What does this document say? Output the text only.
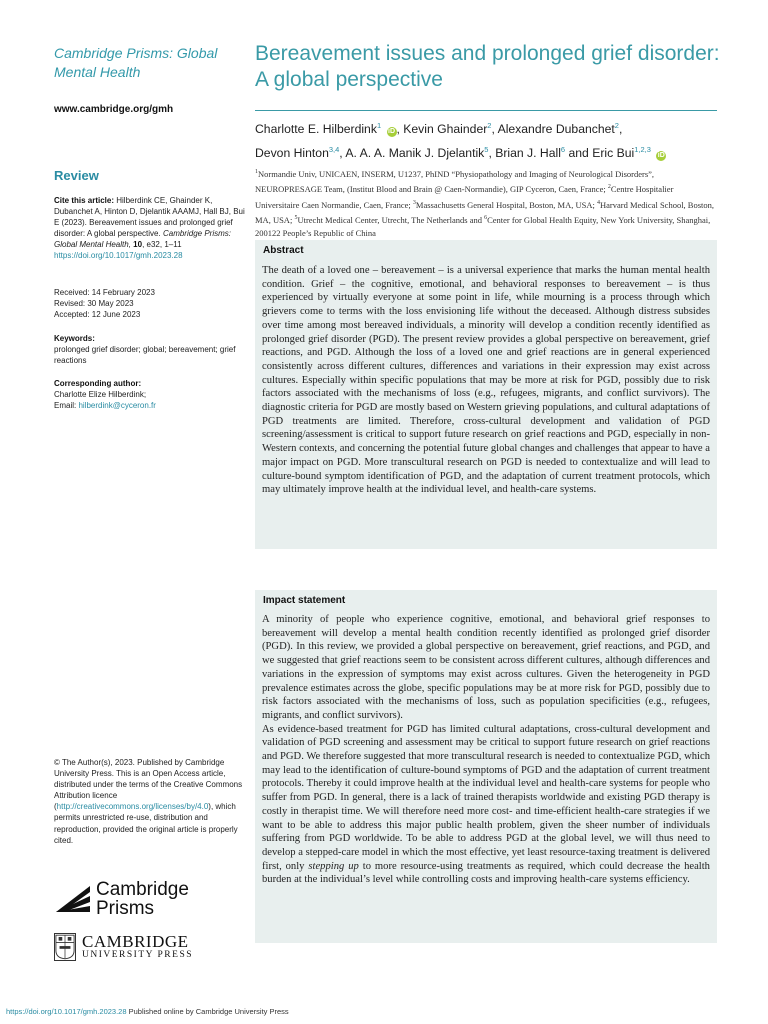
Cambridge Prisms: Global Mental Health
www.cambridge.org/gmh
Review
Cite this article: Hilberdink CE, Ghainder K, Dubanchet A, Hinton D, Djelantik AAAMJ, Hall BJ, Bui E (2023). Bereavement issues and prolonged grief disorder: A global perspective. Cambridge Prisms: Global Mental Health, 10, e32, 1–11
https://doi.org/10.1017/gmh.2023.28
Received: 14 February 2023
Revised: 30 May 2023
Accepted: 12 June 2023
Keywords:
prolonged grief disorder; global; bereavement; grief reactions
Corresponding author:
Charlotte Elize Hilberdink;
Email: hilberdink@cyceron.fr
© The Author(s), 2023. Published by Cambridge University Press. This is an Open Access article, distributed under the terms of the Creative Commons Attribution licence (http://creativecommons.org/licenses/by/4.0), which permits unrestricted re-use, distribution and reproduction, provided the original article is properly cited.
Cambridge
Prisms
CAMBRIDGE
UNIVERSITY PRESS
Bereavement issues and prolonged grief disorder: A global perspective
Charlotte E. Hilberdink$^1$ iD , Kevin Ghainder$^2$, Alexandre Dubanchet$^2$,
Devon Hinton$^{3,4}$, A. A. A. Manik J. Djelantik$^5$, Brian J. Hall$^6$ and Eric Bui$^{1,2,3}$ iD
$^1$Normandie Univ, UNICAEN, INSERM, U1237, PhIND “Physiopathology and Imaging of Neurological Disorders”, NEUROPRESAGE Team, (Institut Blood and Brain @ Caen-Normandie), GIP Cyceron, Caen, France; $^2$Centre Hospitalier Universitaire Caen Normandie, Caen, France; $^3$Massachusetts General Hospital, Boston, MA, USA; $^4$Harvard Medical School, Boston, MA, USA; $^5$Utrecht Medical Center, Utrecht, The Netherlands and $^6$Center for Global Health Equity, New York University, Shanghai, 200122 People’s Republic of China
Abstract

The death of a loved one – bereavement – is a universal experience that marks the human mental health condition. Grief – the cognitive, emotional, and behavioral responses to bereavement – is thus experienced by virtually everyone at some point in life, while mourning is a process through which grievers come to terms with the loss envisioning life without the deceased. Although distress subsides over time among most bereaved individuals, a minority will develop a condition recently identified as prolonged grief disorder (PGD). The present review provides a global perspective on bereavement, grief reactions, and PGD. Although the loss of a loved one and grief reactions are in general experienced consistently across different cultures, differences and variations in their expression may exist across cultures. Especially within specific populations that may be more at risk for PGD, possibly due to risk factors associated with the mechanisms of loss (e.g., refugees, migrants, and conflict survivors). The diagnostic criteria for PGD are mostly based on Western grieving populations, and cultural adaptations of PGD treatments are limited. Therefore, cross-cultural development and validation of PGD screening/assessment is critical to support future research on grief reactions and PGD, especially in non-Western contexts, and concerning the potential future global changes and challenges that appear to have a major impact on PGD. More transcultural research on PGD is needed to contextualize and will lead to culture-bound symptom identification of PGD, and the adaptation of current treatment protocols, which may ultimately improve health at the individual level, and health-care systems.

Impact statement

A minority of people who experience cognitive, emotional, and behavioral grief responses to bereavement will develop a mental health condition recently identified as prolonged grief disorder (PGD). In this review, we provided a global perspective on bereavement, grief reactions, and PGD, and we suggested that grief reactions seem to be consistent across different cultures, although differences and variations in the expression of symptoms may exist across cultures. Given the heterogeneity in PGD prevalence estimates across the globe, specific populations may be at more risk for PGD, possibly due to risk factors associated with the mechanisms of loss, such as population specificities (e.g., refugees, migrants, and conflict survivors).

As evidence-based treatment for PGD has limited cultural adaptations, cross-cultural development and validation of PGD screening and assessment may be critical to support future research on grief reactions and PGD. We therefore suggested that more transcultural research is needed to contextualize PGD, which may lead to the identification of culture-bound symptoms of PGD and the adaptation of current treatment protocols. Thereby it could improve health at the individual level and health-care systems for people who suffer from PGD. In general, there is a lack of trained therapists worldwide and existing PGD therapy is costly in therapist time. We will therefore need more cost- and time-efficient health-care strategies if we want to be able to address this major public health problem, given the sheer number of individuals suffering from PGD worldwide. To be able to address PGD at the global level, we will thus need to develop a stepped-care model in which the most effective, yet least resource-taxing treatment is delivered first, only stepping up to more resource-using treatments as required, which could decrease the health burden at the individual’s level while controlling costs and improving health-care systems efficiency.

https://doi.org/10.1017/gmh.2023.28 Published online by Cambridge University Press
